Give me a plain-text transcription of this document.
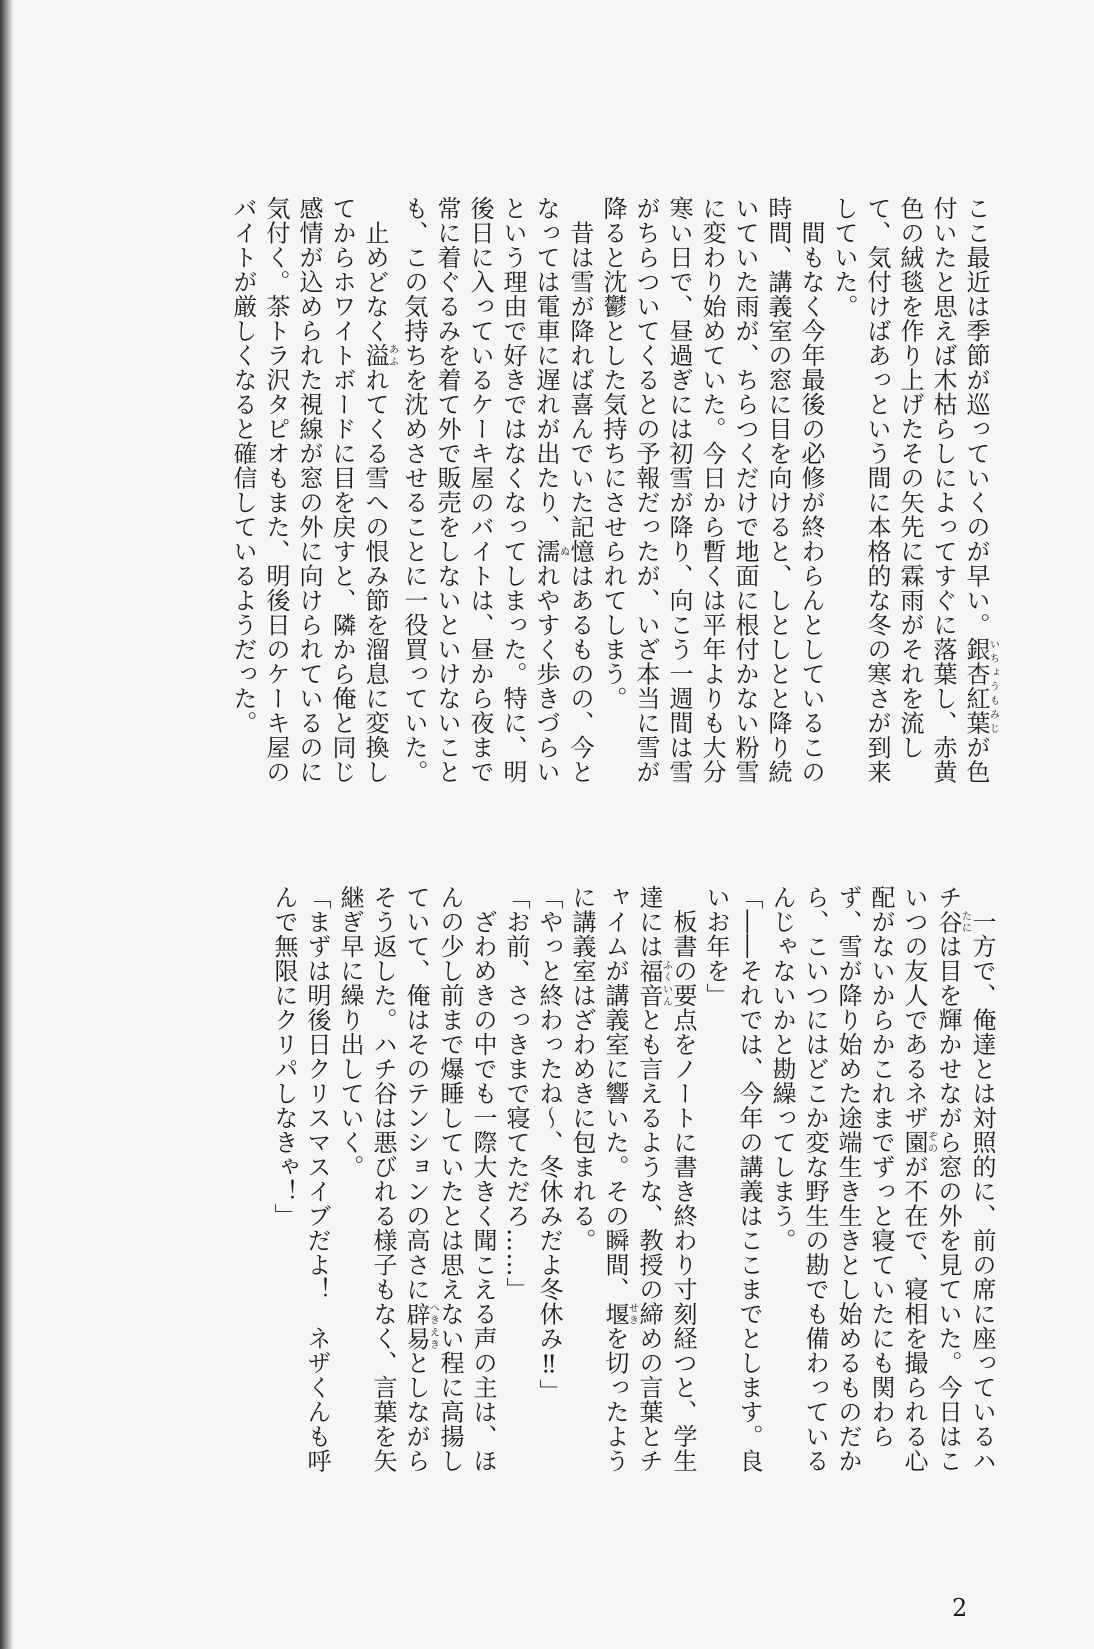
ここ最近は季節が巡っていくのが早い。銀杏紅葉いちょうもみじが色付いたと思えば木枯らしによってすぐに落葉し、赤黄色の絨毯を作り上げたその矢先に霖雨がそれを流して、気付けばあっという間に本格的な冬の寒さが到来していた。

　間もなく今年最後の必修が終わらんとしているこの時間、講義室の窓に目を向けると、しとしとと降り続いていた雨が、ちらつくだけで地面に根付かない粉雪に変わり始めていた。今日から暫くは平年よりも大分寒い日で、昼過ぎには初雪が降り、向こう一週間は雪がちらついてくるとの予報だったが、いざ本当に雪が降ると沈鬱とした気持ちにさせられてしまう。

　昔は雪が降れば喜んでいた記憶はあるものの、今となっては電車に遅れが出たり、濡ぬれやすく歩きづらいという理由で好きではなくなってしまった。特に、明後日に入っているケーキ屋のバイトは、昼から夜まで常に着ぐるみを着て外で販売をしないといけないことも、この気持ちを沈めさせることに一役買っていた。

　止めどなく溢あふれてくる雪への恨み節を溜息に変換してからホワイトボードに目を戻すと、隣から俺と同じ感情が込められた視線が窓の外に向けられているのに気付く。茶トラ沢タピオもまた、明後日のケーキ屋のバイトが厳しくなると確信しているようだった。

　一方で、俺達とは対照的に、前の席に座っているハチ谷たには目を輝かせながら窓の外を見ていた。今日はこいつの友人であるネザ園ぞのが不在で、寝相を撮られる心配がないからかこれまでずっと寝ていたにも関わらず、雪が降り始めた途端生き生きとし始めるものだから、こいつにはどこか変な野生の勘でも備わっているんじゃないかと勘繰ってしまう。

「――それでは、今年の講義はここまでとします。良いお年を」

　板書の要点をノートに書き終わり寸刻経つと、学生達には福音ふくいんとも言えるような、教授の締めの言葉とチャイムが講義室に響いた。その瞬間、堰せきを切ったように講義室はざわめきに包まれる。

「やっと終わったね〜、冬休みだよ冬休み‼」

「お前、さっきまで寝てただろ……」

　ざわめきの中でも一際大きく聞こえる声の主は、ほんの少し前まで爆睡していたとは思えない程に高揚していて、俺はそのテンションの高さに辟易へきえきとしながらそう返した。ハチ谷は悪びれる様子もなく、言葉を矢継ぎ早に繰り出していく。

「まずは明後日クリスマスイブだよ！　ネザくんも呼んで無限にクリパしなきゃ！」

2
